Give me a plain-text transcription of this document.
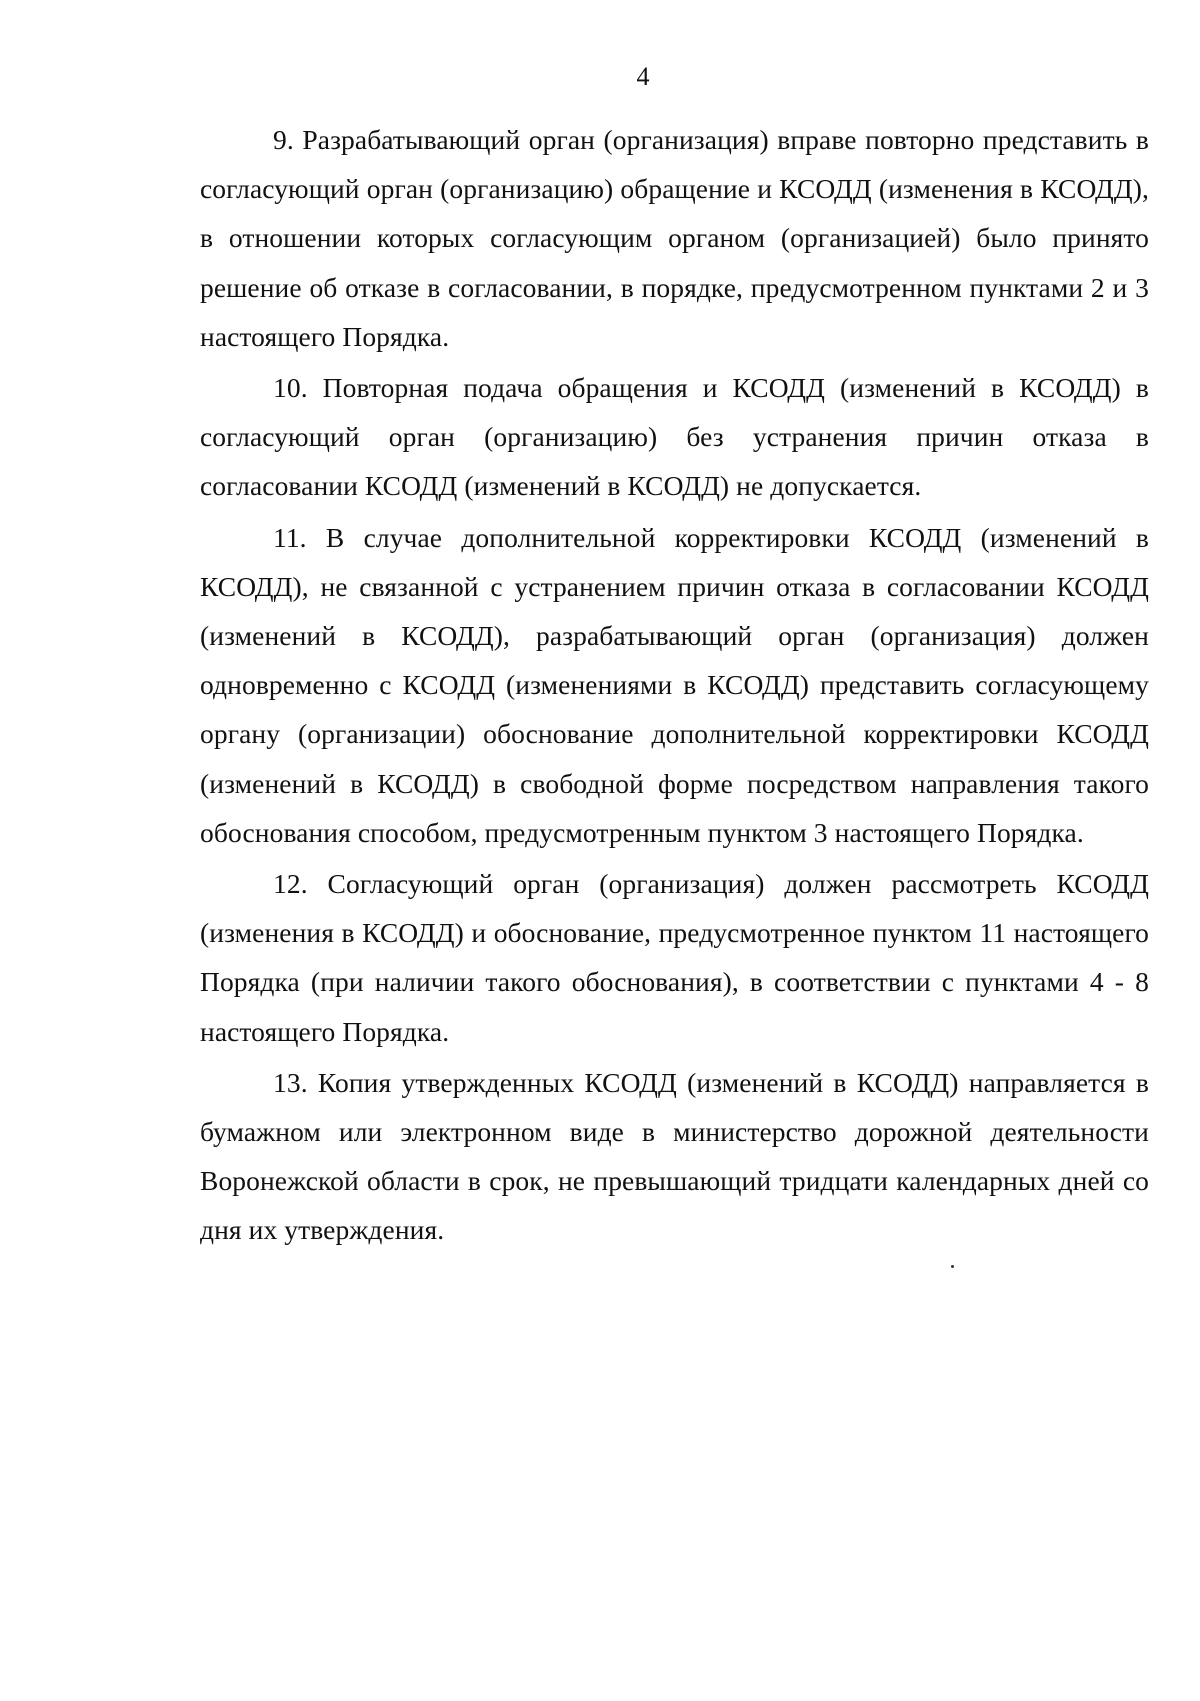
4

9. Разрабатывающий орган (организация) вправе повторно представить в согласующий орган (организацию) обращение и КСОДД (изменения в КСОДД), в отношении которых согласующим органом (организацией) было принято решение об отказе в согласовании, в порядке, предусмотренном пунктами 2 и 3 настоящего Порядка.

10. Повторная подача обращения и КСОДД (изменений в КСОДД) в согласующий орган (организацию) без устранения причин отказа в согласовании КСОДД (изменений в КСОДД) не допускается.

11. В случае дополнительной корректировки КСОДД (изменений в КСОДД), не связанной с устранением причин отказа в согласовании КСОДД (изменений в КСОДД), разрабатывающий орган (организация) должен одновременно с КСОДД (изменениями в КСОДД) представить согласующему органу (организации) обоснование дополнительной корректировки КСОДД (изменений в КСОДД) в свободной форме посредством направления такого обоснования способом, предусмотренным пунктом 3 настоящего Порядка.

12. Согласующий орган (организация) должен рассмотреть КСОДД (изменения в КСОДД) и обоснование, предусмотренное пунктом 11 настоящего Порядка (при наличии такого обоснования), в соответствии с пунктами 4 - 8 настоящего Порядка.

13. Копия утвержденных КСОДД (изменений в КСОДД) направляется в бумажном или электронном виде в министерство дорожной деятельности Воронежской области в срок, не превышающий тридцати календарных дней со дня их утверждения.
